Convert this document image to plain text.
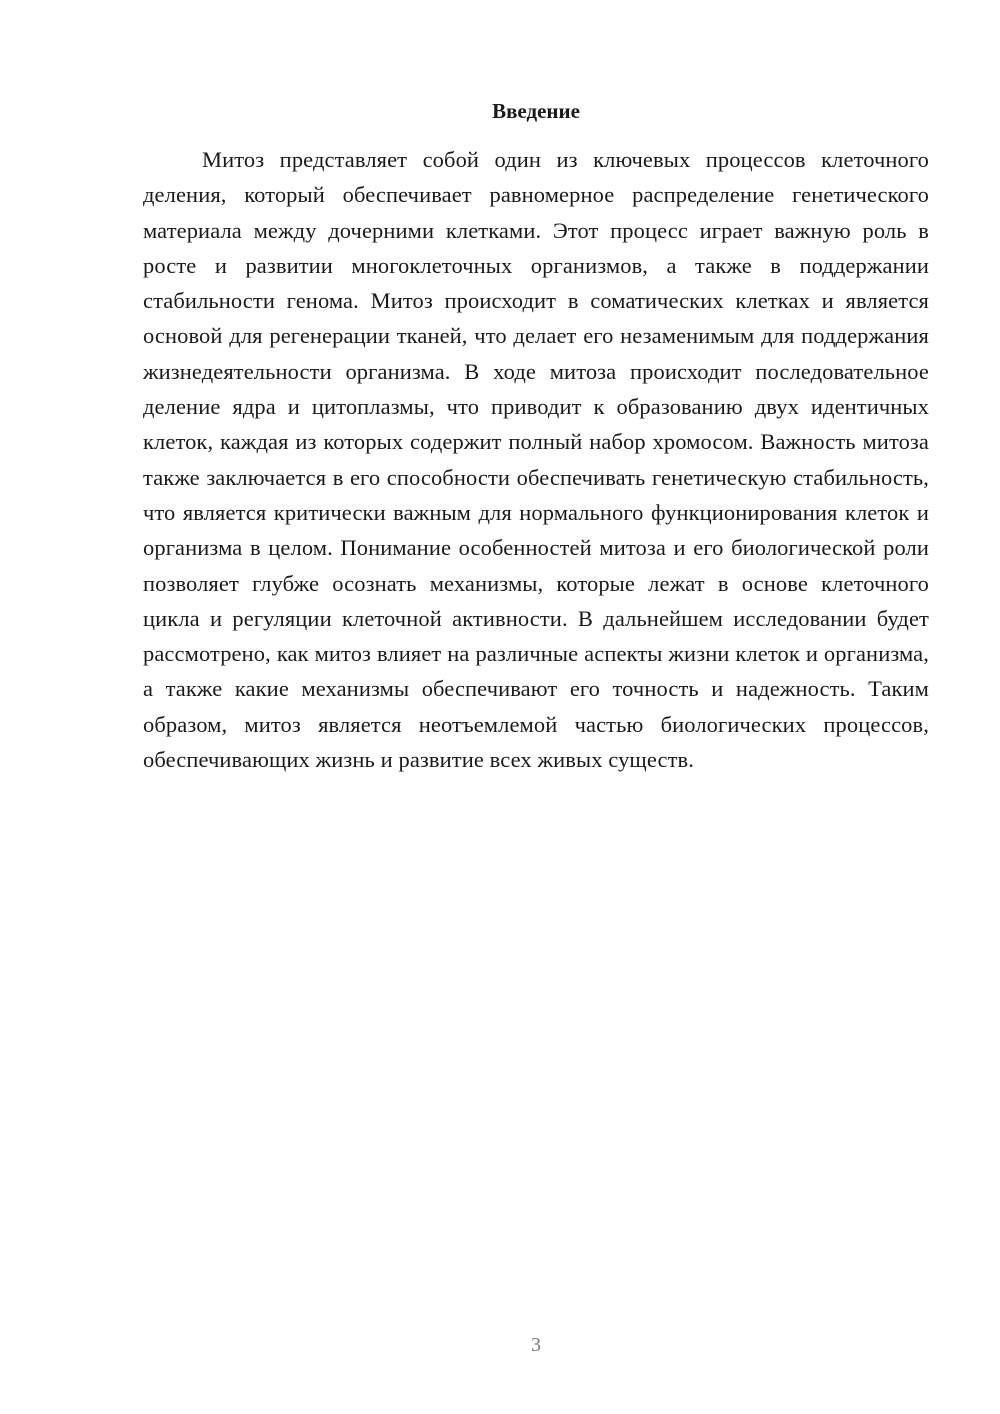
Введение

Митоз представляет собой один из ключевых процессов клеточного деления, который обеспечивает равномерное распределение генетического материала между дочерними клетками. Этот процесс играет важную роль в росте и развитии многоклеточных организмов, а также в поддержании стабильности генома. Митоз происходит в соматических клетках и является основой для регенерации тканей, что делает его незаменимым для поддержания жизнедеятельности организма. В ходе митоза происходит последовательное деление ядра и цитоплазмы, что приводит к образованию двух идентичных клеток, каждая из которых содержит полный набор хромосом. Важность митоза также заключается в его способности обеспечивать генетическую стабильность, что является критически важным для нормального функционирования клеток и организма в целом. Понимание особенностей митоза и его биологической роли позволяет глубже осознать механизмы, которые лежат в основе клеточного цикла и регуляции клеточной активности. В дальнейшем исследовании будет рассмотрено, как митоз влияет на различные аспекты жизни клеток и организма, а также какие механизмы обеспечивают его точность и надежность. Таким образом, митоз является неотъемлемой частью биологических процессов, обеспечивающих жизнь и развитие всех живых существ.

3
